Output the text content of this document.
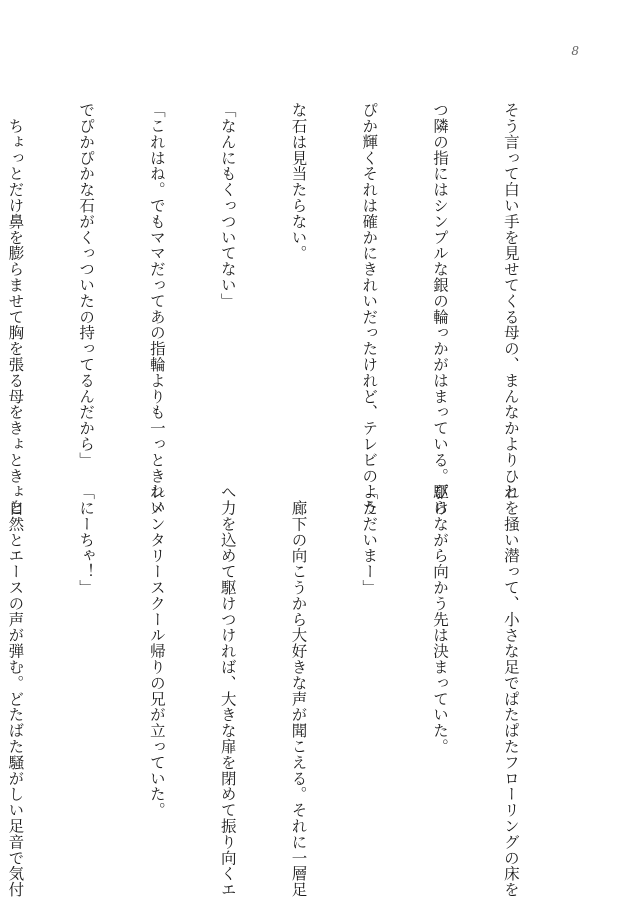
8

そう言って白い手を見せてくる母の、まんなかよりひと

つ隣の指にはシンプルな銀の輪っかがはまっている。ぴら

ぴか輝くそれは確かにきれいだったけれど、テレビのよう

な石は見当たらない。

「なんにもくっついてない」

「これはね。でもママだってあの指輪よりも一っときれい

でぴかぴかな石がくっついたの持ってるんだから」

　ちょっとだけ鼻を膨らませて胸を張る母をきょときょと

れを掻い潜って、小さな足でぱたぱたフローリングの床を

駆けながら向かう先は決まっていた。

「ただいまー」

　廊下の向こうから大好きな声が聞こえる。それに一層足

へ力を込めて駆けつければ、大きな扉を閉めて振り向くエ

レメンタリースクール帰りの兄が立っていた。

「にーちゃ！」

　自然とエースの声が弾む。どたばた騒がしい足音で気付
